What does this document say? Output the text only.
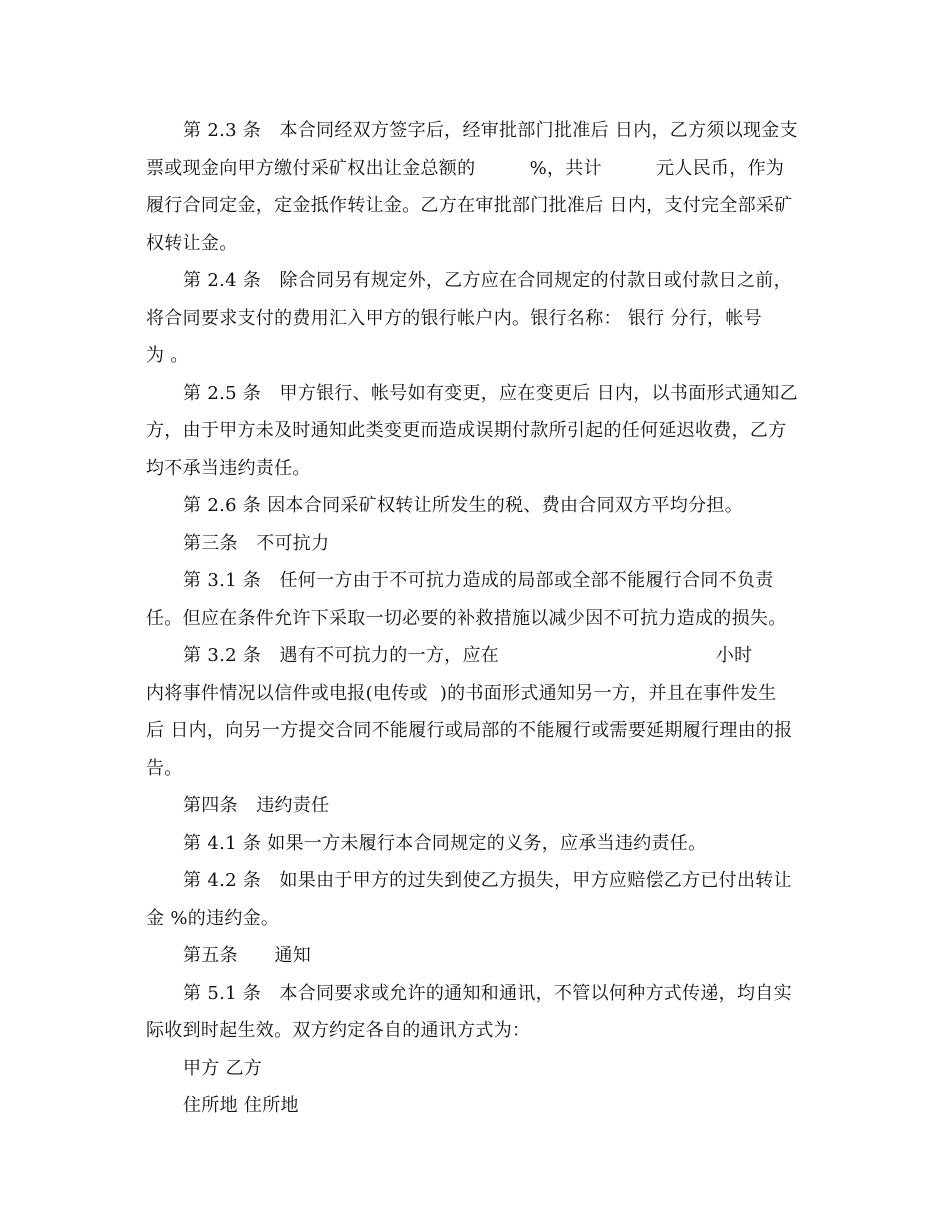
第 2.3 条　本合同经双方签字后，经审批部门批准后 日内，乙方须以现金支
票或现金向甲方缴付采矿权出让金总额的         %，共计         元人民币，作为
履行合同定金，定金抵作转让金。乙方在审批部门批准后 日内，支付完全部采矿
权转让金。
第 2.4 条　除合同另有规定外，乙方应在合同规定的付款日或付款日之前，
将合同要求支付的费用汇入甲方的银行帐户内。银行名称： 银行 分行，帐号
为 。
第 2.5 条　甲方银行、帐号如有变更，应在变更后 日内，以书面形式通知乙
方，由于甲方未及时通知此类变更而造成误期付款所引起的任何延迟收费，乙方
均不承当违约责任。
第 2.6 条 因本合同采矿权转让所发生的税、费由合同双方平均分担。
第三条　不可抗力
第 3.1 条　任何一方由于不可抗力造成的局部或全部不能履行合同不负责
任。但应在条件允许下采取一切必要的补救措施以减少因不可抗力造成的损失。
第 3.2 条　遇有不可抗力的一方，应在                                    小时
内将事件情况以信件或电报(电传或  )的书面形式通知另一方，并且在事件发生
后 日内，向另一方提交合同不能履行或局部的不能履行或需要延期履行理由的报
告。
第四条　违约责任
第 4.1 条 如果一方未履行本合同规定的义务，应承当违约责任。
第 4.2 条　如果由于甲方的过失到使乙方损失，甲方应赔偿乙方已付出转让
金 %的违约金。
第五条　　通知
第 5.1 条　本合同要求或允许的通知和通讯，不管以何种方式传递，均自实
际收到时起生效。双方约定各自的通讯方式为：
甲方 乙方
住所地 住所地
